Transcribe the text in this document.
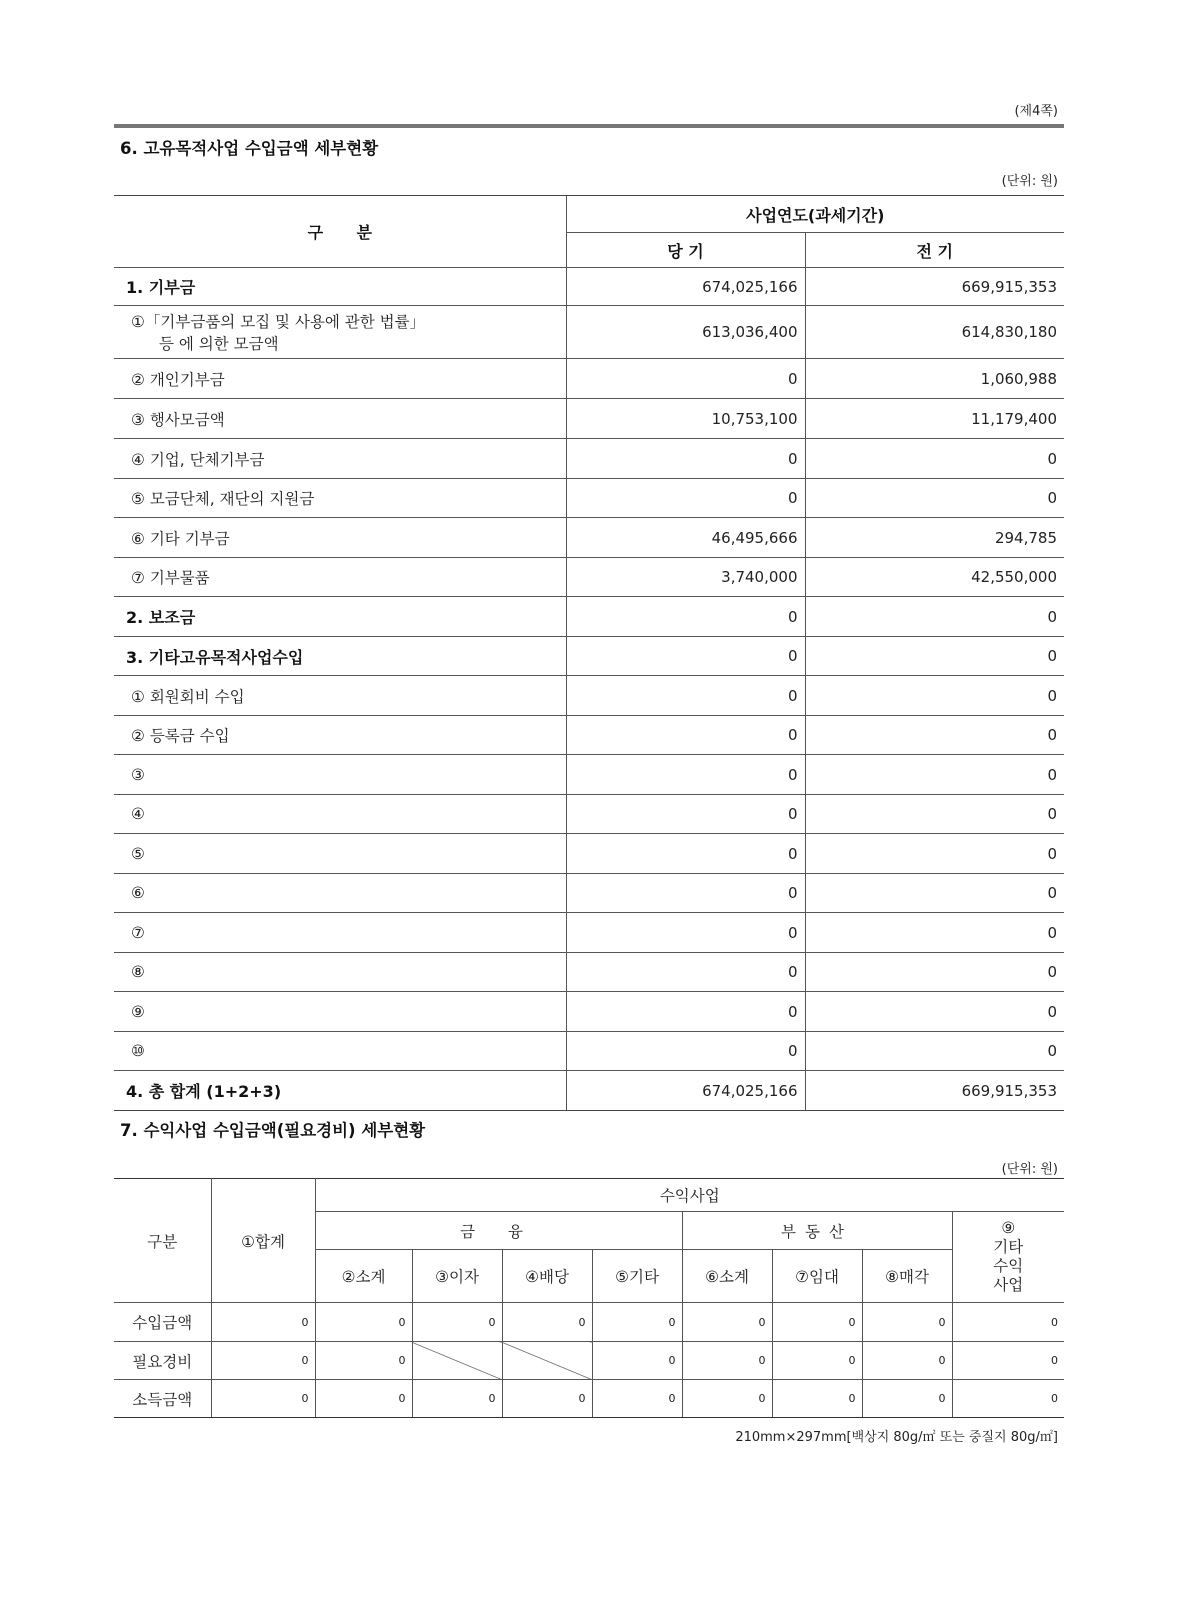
(제4쪽)
6. 고유목적사업 수입금액 세부현황
(단위: 원)
구      분	사업연도(과세기간)	
	당 기	전 기
1. 기부금	674,025,166	669,915,353

①「기부금품의 모집 및 사용에 관한 법률」
등 에 의한 모금액	613,036,400	614,830,180
② 개인기부금	0	1,060,988
③ 행사모금액	10,753,100	11,179,400
④ 기업, 단체기부금	0	0
⑤ 모금단체, 재단의 지원금	0	0
⑥ 기타 기부금	46,495,666	294,785
⑦ 기부물품	3,740,000	42,550,000
2. 보조금	0	0
3. 기타고유목적사업수입	0	0
① 회원회비 수입	0	0
② 등록금 수입	0	0
③	0	0
④	0	0
⑤	0	0
⑥	0	0
⑦	0	0
⑧	0	0
⑨	0	0
⑩	0	0
4. 총 합계 (1+2+3)	674,025,166	669,915,353
7. 수익사업 수입금액(필요경비) 세부현황
(단위: 원)
구분	①합계	수익사업							
		금 융				부동산			⑨
기타
수익
사업

		②소계	③이자	④배당	⑤기타	⑥소계	⑦임대	⑧매각	
수입금액	0	0	0	0	0	0	0	0	0
필요경비	0	0			0	0	0	0	0
소득금액	0	0	0	0	0	0	0	0	0
210mm×297mm[백상지 80g/㎡ 또는 중질지 80g/㎡]
